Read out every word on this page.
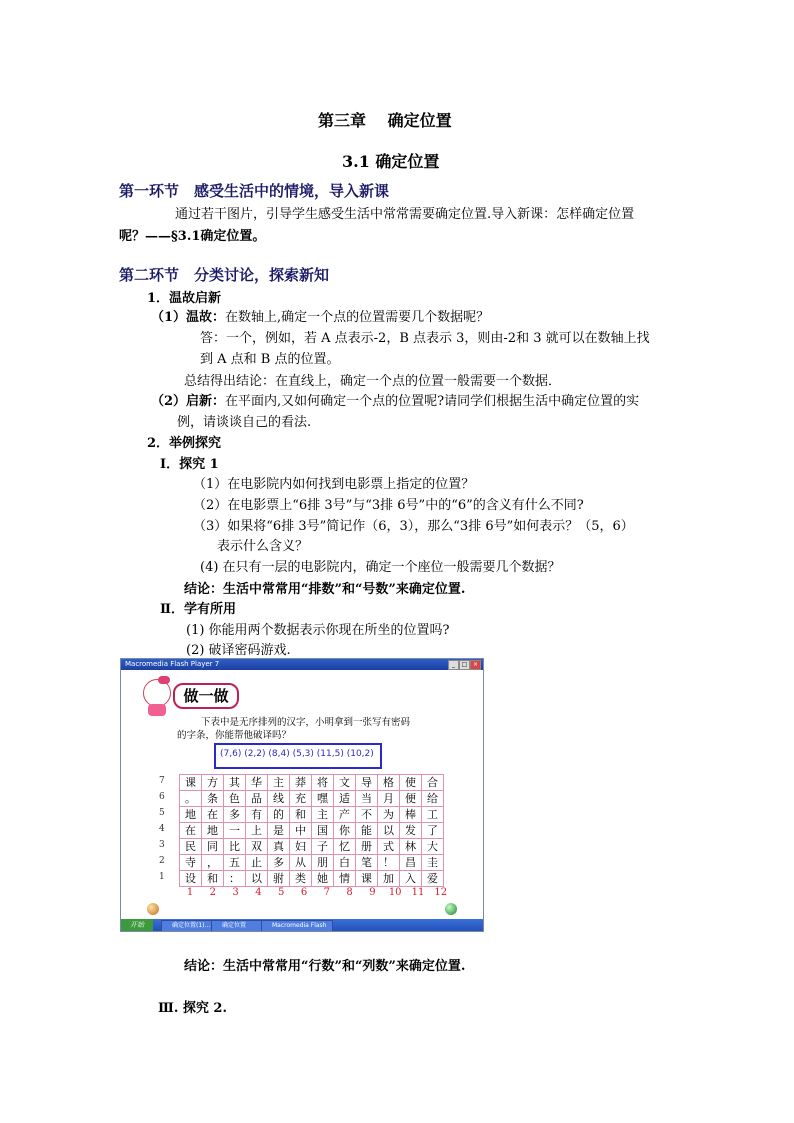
第三章　 确定位置
3.1 确定位置
第一环节　感受生活中的情境，导入新课
通过若干图片，引导学生感受生活中常常需要确定位置.导入新课：怎样确定位置
呢？——§3.1确定位置。
第二环节　分类讨论，探索新知
1．温故启新
（1）温故：在数轴上,确定一个点的位置需要几个数据呢？
答：一个，例如，若 A 点表示-2，B 点表示 3，则由-2和 3 就可以在数轴上找
到 A 点和 B 点的位置。
总结得出结论：在直线上，确定一个点的位置一般需要一个数据．
（2）启新：在平面内,又如何确定一个点的位置呢?请同学们根据生活中确定位置的实
例，请谈谈自己的看法.
2．举例探究
Ⅰ．探究 1
（1）在电影院内如何找到电影票上指定的位置？
（2）在电影票上“6排 3号”与“3排 6号”中的“6”的含义有什么不同?
（3）如果将“6排 3号”简记作（6，3），那么“3排 6号”如何表示？（5，6）
表示什么含义？
(4) 在只有一层的电影院内，确定一个座位一般需要几个数据？
结论：生活中常常用“排数”和“号数”来确定位置.
Ⅱ．学有所用
(1) 你能用两个数据表示你现在所坐的位置吗?
(2) 破译密码游戏.
Macromedia Flash Player 7	_	□ ×
做一做
下表中是无序排列的汉字，小明拿到一张写有密码
的字条，你能帮他破译吗？
(7,6) (2,2) (8,4) (5,3) (11,5) (10,2)
课	方	其	华	主	莽	将	文	导	格	使	合
。	条	色	品	线	充	嘿	适	当	月	便	给
地	在	多	有	的	和	主	产	不	为	棒	工
在	地	一	上	是	中	国	你	能	以	发	了
民	同	比	双	真	妇	子	忆	册	式	林	大
寺	，	五	止	多	从	朋	白	笔	！	昌	圭
设	和	：	以	驸	类	她	情	课	加	入	爱
7
6
5
4
3
2
1
1	2	3	4	5	6	7	8	9	10	11	12
开始	确定位置(1)...	确定位置	Macromedia Flash
结论：生活中常常用“行数”和“列数”来确定位置.
Ⅲ. 探究 2.
